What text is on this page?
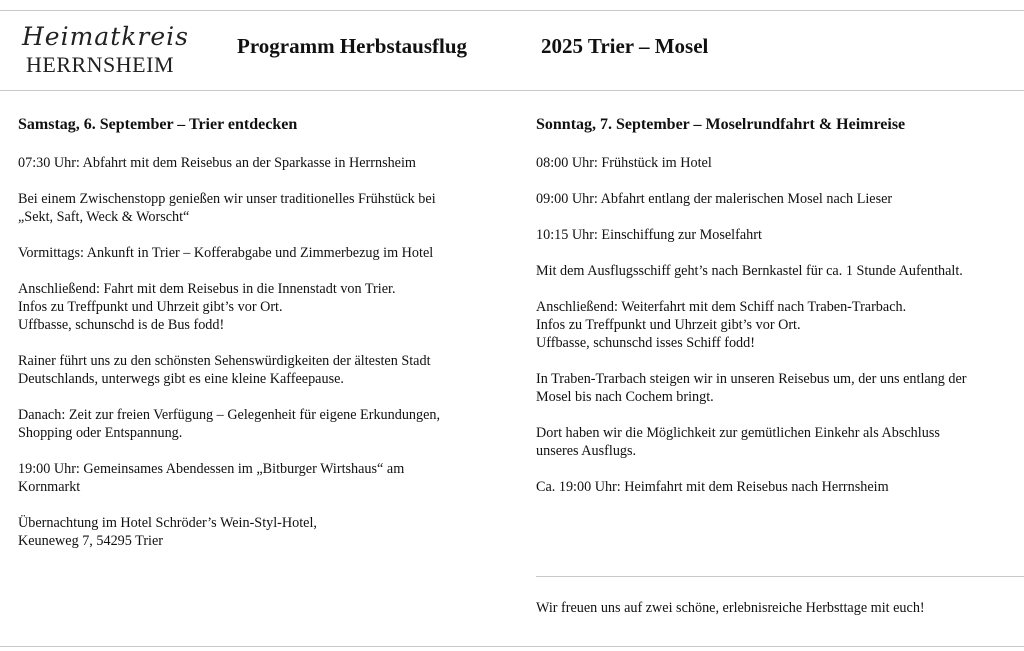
Heimatkreis
HERRNSHEIM
Programm Herbstausflug	2025 Trier – Mosel
Samstag, 6. September – Trier entdecken

07:30 Uhr: Abfahrt mit dem Reisebus an der Sparkasse in Herrnsheim

Bei einem Zwischenstopp genießen wir unser traditionelles Frühstück bei
„Sekt, Saft, Weck & Worscht“

Vormittags: Ankunft in Trier – Kofferabgabe und Zimmerbezug im Hotel

Anschließend: Fahrt mit dem Reisebus in die Innenstadt von Trier.
Infos zu Treffpunkt und Uhrzeit gibt’s vor Ort.
Uffbasse, schunschd is de Bus fodd!

Rainer führt uns zu den schönsten Sehenswürdigkeiten der ältesten Stadt
Deutschlands, unterwegs gibt es eine kleine Kaffeepause.

Danach: Zeit zur freien Verfügung – Gelegenheit für eigene Erkundungen,
Shopping oder Entspannung.

19:00 Uhr: Gemeinsames Abendessen im „Bitburger Wirtshaus“ am
Kornmarkt

Übernachtung im Hotel Schröder’s Wein-Styl-Hotel,
Keuneweg 7, 54295 Trier

Sonntag, 7. September – Moselrundfahrt & Heimreise

08:00 Uhr: Frühstück im Hotel

09:00 Uhr: Abfahrt entlang der malerischen Mosel nach Lieser

10:15 Uhr: Einschiffung zur Moselfahrt

Mit dem Ausflugsschiff geht’s nach Bernkastel für ca. 1 Stunde Aufenthalt.

Anschließend: Weiterfahrt mit dem Schiff nach Traben-Trarbach.
Infos zu Treffpunkt und Uhrzeit gibt’s vor Ort.
Uffbasse, schunschd isses Schiff fodd!

In Traben-Trarbach steigen wir in unseren Reisebus um, der uns entlang der
Mosel bis nach Cochem bringt.

Dort haben wir die Möglichkeit zur gemütlichen Einkehr als Abschluss
unseres Ausflugs.

Ca. 19:00 Uhr: Heimfahrt mit dem Reisebus nach Herrnsheim

Wir freuen uns auf zwei schöne, erlebnisreiche Herbsttage mit euch!
